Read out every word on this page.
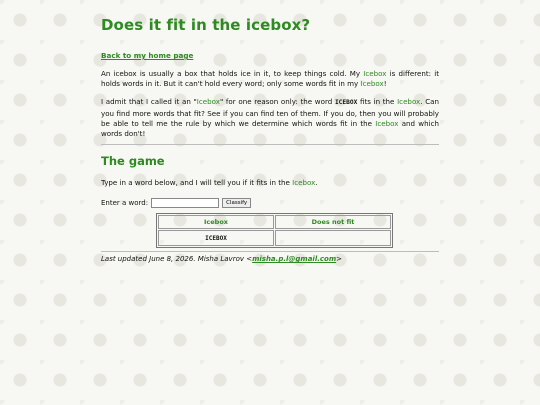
Does it fit in the icebox?
Back to my home page

An icebox is usually a box that holds ice in it, to keep things cold. My Icebox is different: it holds words in it. But it can't hold every word; only some words fit in my Icebox!

I admit that I called it an "Icebox" for one reason only: the word ICEBOX fits in the Icebox. Can you find more words that fit? See if you can find ten of them. If you do, then you will probably be able to tell me the rule by which we determine which words fit in the Icebox and which words don't!

The game

Type in a word below, and I will tell you if it fits in the Icebox.

Enter a word:	Classify
Icebox	Does not fit
ICEBOX	
Last updated June 8, 2026. Misha Lavrov <misha.p.l@gmail.com>
